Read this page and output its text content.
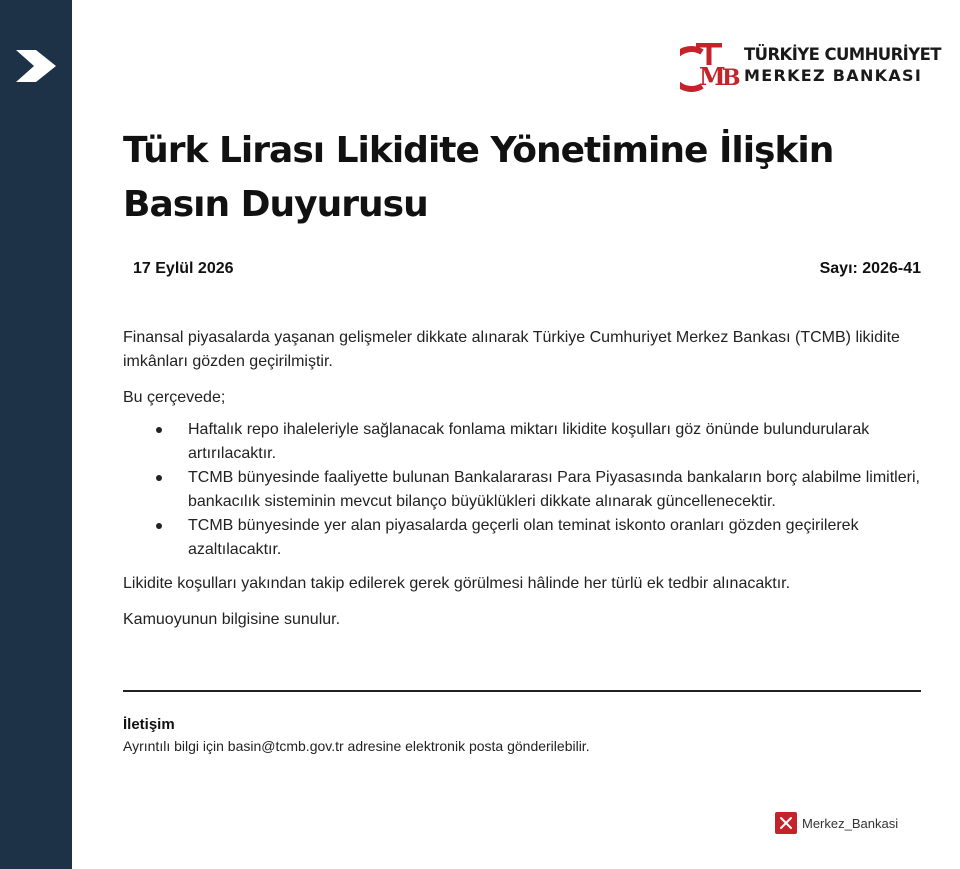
M
B
TÜRKİYE CUMHURİYET
MERKEZ BANKASI
Türk Lirası Likidite Yönetimine İlişkin
Basın Duyurusu
17 Eylül 2026	Sayı: 2026-41

Finansal piyasalarda yaşanan gelişmeler dikkate alınarak Türkiye Cumhuriyet Merkez Bankası (TCMB) likidite imkânları gözden geçirilmiştir.

Bu çerçevede;

Haftalık repo ihaleleriyle sağlanacak fonlama miktarı likidite koşulları göz önünde bulundurularak artırılacaktır.
TCMB bünyesinde faaliyette bulunan Bankalararası Para Piyasasında bankaların borç alabilme limitleri, bankacılık sisteminin mevcut bilanço büyüklükleri dikkate alınarak güncellenecektir.
TCMB bünyesinde yer alan piyasalarda geçerli olan teminat iskonto oranları gözden geçirilerek azaltılacaktır.

Likidite koşulları yakından takip edilerek gerek görülmesi hâlinde her türlü ek tedbir alınacaktır.

Kamuoyunun bilgisine sunulur.

İletişim
Ayrıntılı bilgi için basin@tcmb.gov.tr adresine elektronik posta gönderilebilir.
Merkez_Bankasi
